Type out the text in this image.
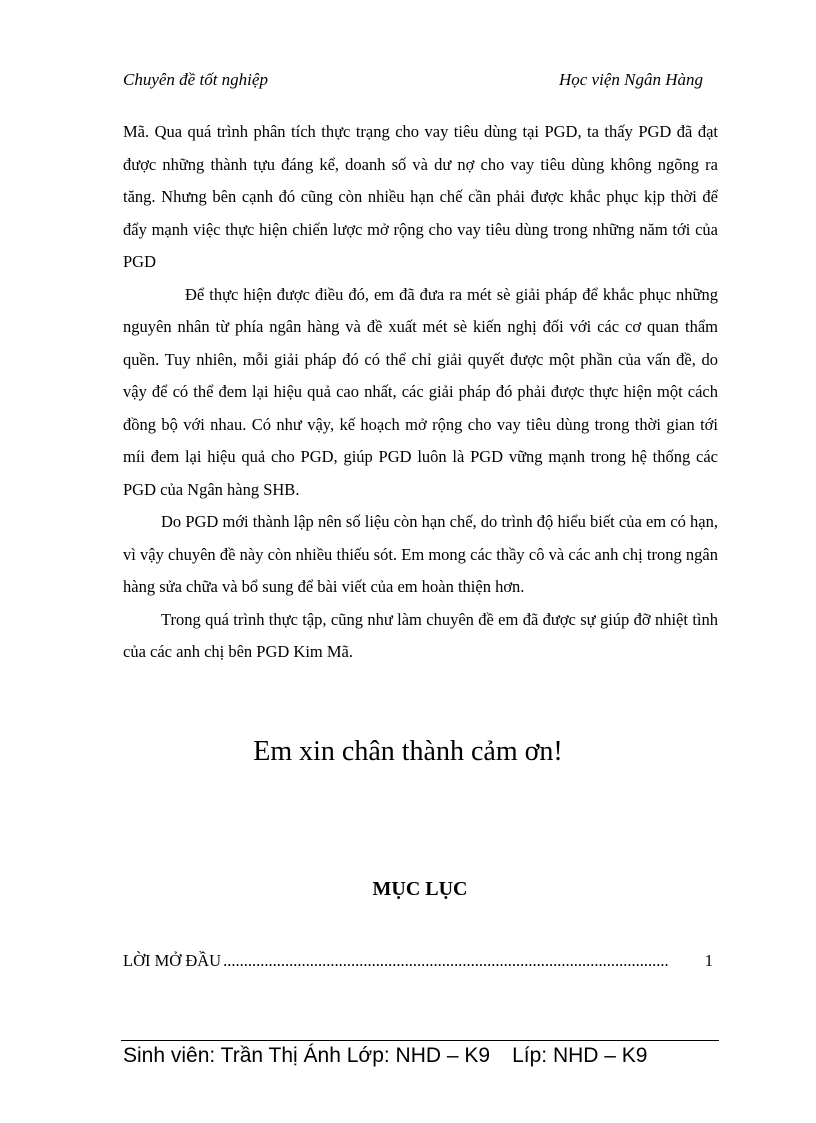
Chuyên đề tốt nghiệp	Học viện Ngân Hàng

Mã. Qua quá trình phân tích thực trạng cho vay tiêu dùng tại PGD, ta thấy PGD đã đạt được những thành tựu đáng kể, doanh số và dư nợ cho vay tiêu dùng không ngõng ra tăng. Nhưng bên cạnh đó cũng còn nhiều hạn chế cần phải được khắc phục kịp thời để đẩy mạnh việc thực hiện chiến lược mở rộng cho vay tiêu dùng trong những năm tới của PGD

Để thực hiện được điều đó, em đã đưa ra mét sè giải pháp để khắc phục những nguyên nhân từ phía ngân hàng và đề xuất mét sè kiến nghị đối với các cơ quan thẩm quền. Tuy nhiên, mỗi giải pháp đó có thể chỉ giải quyết được một phần của vấn đề, do vậy để có thể đem lại hiệu quả cao nhất, các giải pháp đó phải được thực hiện một cách đồng bộ với nhau. Có như vậy, kế hoạch mở rộng cho vay tiêu dùng trong thời gian tới míi đem lại hiệu quả cho PGD, giúp PGD luôn là PGD vững mạnh trong hệ thống các PGD của Ngân hàng SHB.

Do PGD mới thành lập nên số liệu còn hạn chế, do trình độ hiểu biết của em có hạn, vì vậy chuyên đề này còn nhiều thiếu sót. Em mong các thầy cô và các anh chị trong ngân hàng sửa chữa và bổ sung để bài viết của em hoàn thiện hơn.

Trong quá trình thực tập, cũng như làm chuyên đề em đã được sự giúp đỡ nhiệt tình của các anh chị bên PGD Kim Mã.

Em xin chân thành cảm ơn!
MỤC LỤC
LỜI MỞ ĐẦU ............................................................................................................	1
Sinh viên: Trần Thị Ánh Lớp: NHD – K9 Líp: NHD – K9
